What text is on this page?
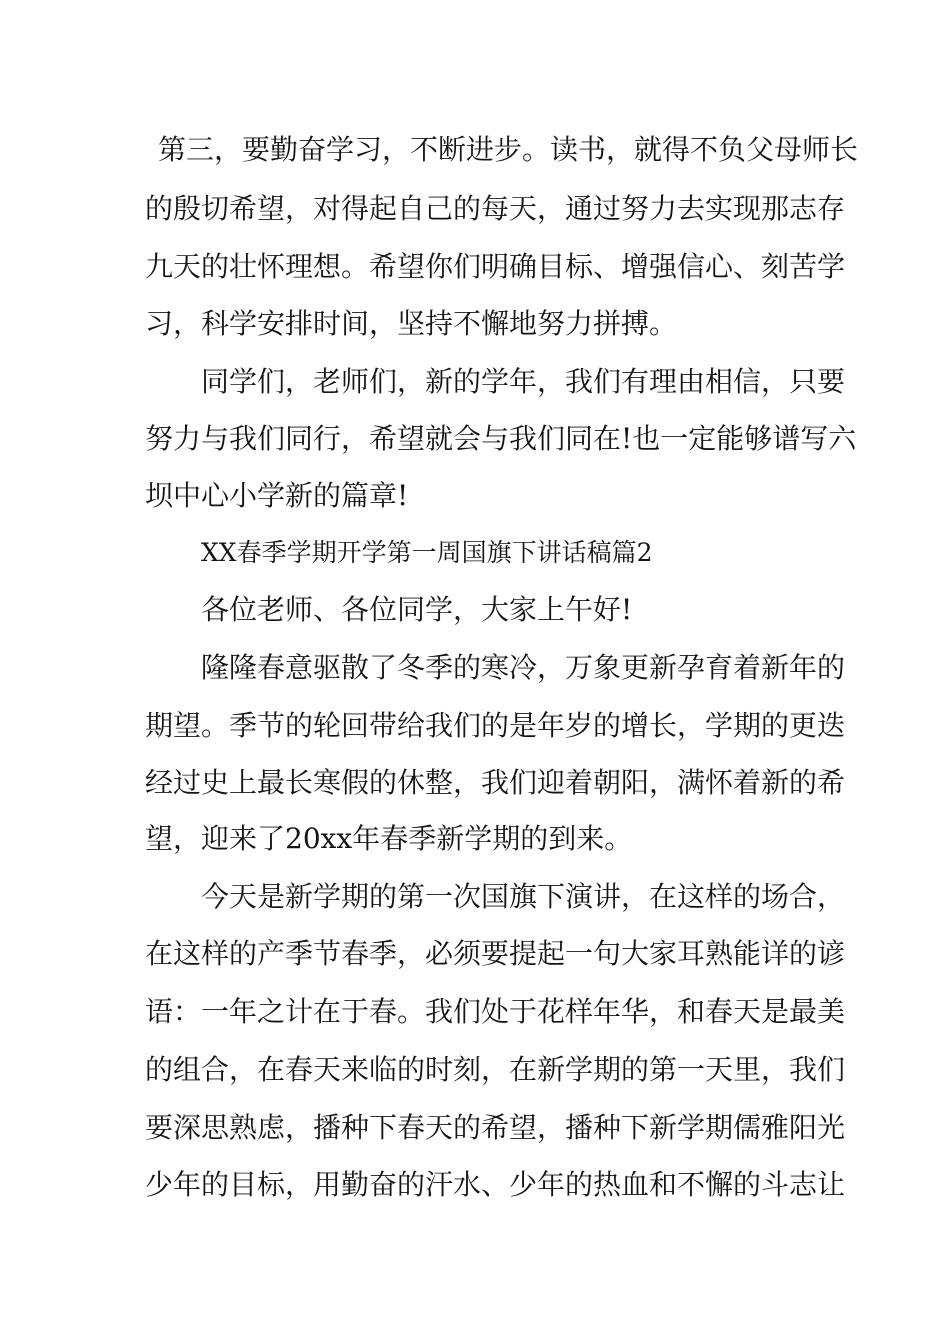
第三，要勤奋学习，不断进步。读书，就得不负父母师长
的殷切希望，对得起自己的每天，通过努力去实现那志存
九天的壮怀理想。希望你们明确目标、增强信心、刻苦学
习，科学安排时间，坚持不懈地努力拼搏。
同学们，老师们，新的学年，我们有理由相信，只要
努力与我们同行，希望就会与我们同在!也一定能够谱写六
坝中心小学新的篇章!
XX春季学期开学第一周国旗下讲话稿篇2
各位老师、各位同学，大家上午好!
隆隆春意驱散了冬季的寒冷，万象更新孕育着新年的
期望。季节的轮回带给我们的是年岁的增长，学期的更迭
经过史上最长寒假的休整，我们迎着朝阳，满怀着新的希
望，迎来了20xx年春季新学期的到来。
今天是新学期的第一次国旗下演讲，在这样的场合，
在这样的产季节春季，必须要提起一句大家耳熟能详的谚
语：一年之计在于春。我们处于花样年华，和春天是最美
的组合，在春天来临的时刻，在新学期的第一天里，我们
要深思熟虑，播种下春天的希望，播种下新学期儒雅阳光
少年的目标，用勤奋的汗水、少年的热血和不懈的斗志让
